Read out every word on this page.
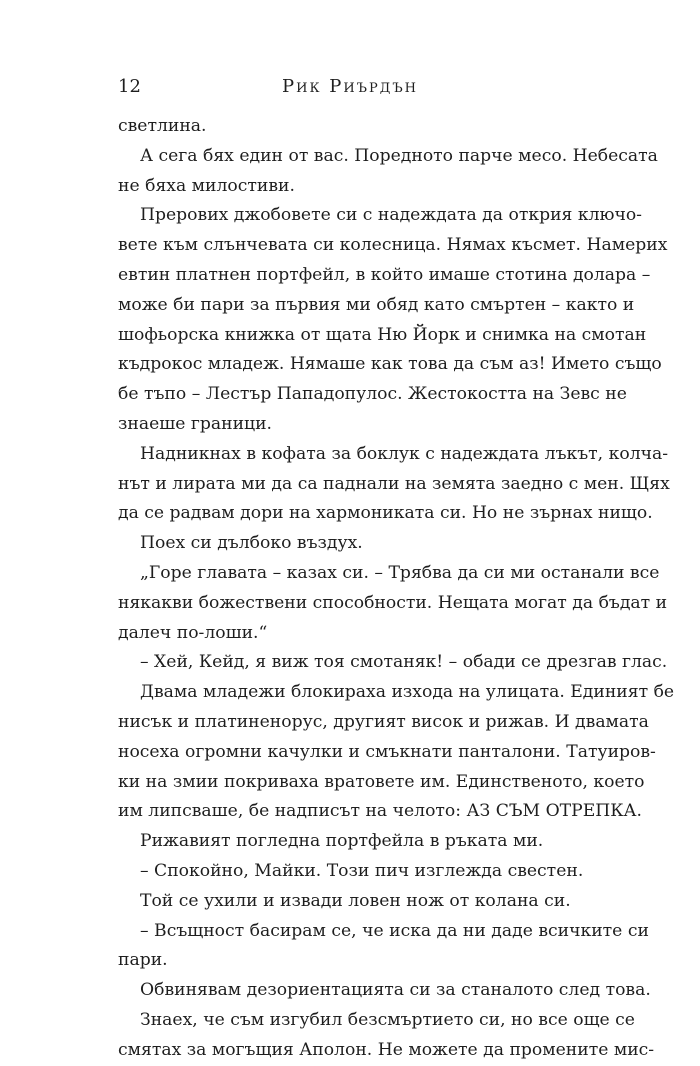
12	Рик Риърдън
светлина.
А сега бях един от вас. Поредното парче месо. Небесата
не бяха милостиви.
Преровиx джобовете си с надеждата да открия ключо-
вете към слънчевата си колесница. Нямах късмет. Намерих
евтин платнен портфейл, в който имаше стотина долара –
може би пари за първия ми обяд като смъртен – както и
шофьорска книжка от щата Ню Йорк и снимка на смотан
къдрокос младеж. Нямаше как това да съм аз! Името също
бе тъпо – Лестър Пападопулос. Жестокостта на Зевс не
знаеше граници.
Надникнах в кофата за боклук с надеждата лъкът, колча-
нът и лирата ми да са паднали на земята заедно с мен. Щях
да се радвам дори на хармониката си. Но не зърнах нищо.
Поех си дълбоко въздух.
„Горе главата – казах си. – Трябва да си ми останали все
някакви божествени способности. Нещата могат да бъдат и
далеч по-лоши.“
– Хей, Кейд, я виж тоя смотаняк! – обади се дрезгав глас.
Двама младежи блокираха изхода на улицата. Единият бе
нисък и платиненорус, другият висок и рижав. И двамата
носеха огромни качулки и смъкнати панталони. Татуиров-
ки на змии покриваха вратовете им. Единственото, което
им липсваше, бе надписът на челото: АЗ СЪМ ОТРЕПКА.
Рижавият погледна портфейла в ръката ми.
– Спокойно, Майки. Този пич изглежда свестен.
Той се ухили и извади ловен нож от колана си.
– Всъщност басирам се, че иска да ни даде всичките си
пари.
Обвинявам дезориентацията си за станалото след това.
Знаех, че съм изгубил безсмъртието си, но все още се
смятах за могъщия Аполон. Не можете да промените мис-
